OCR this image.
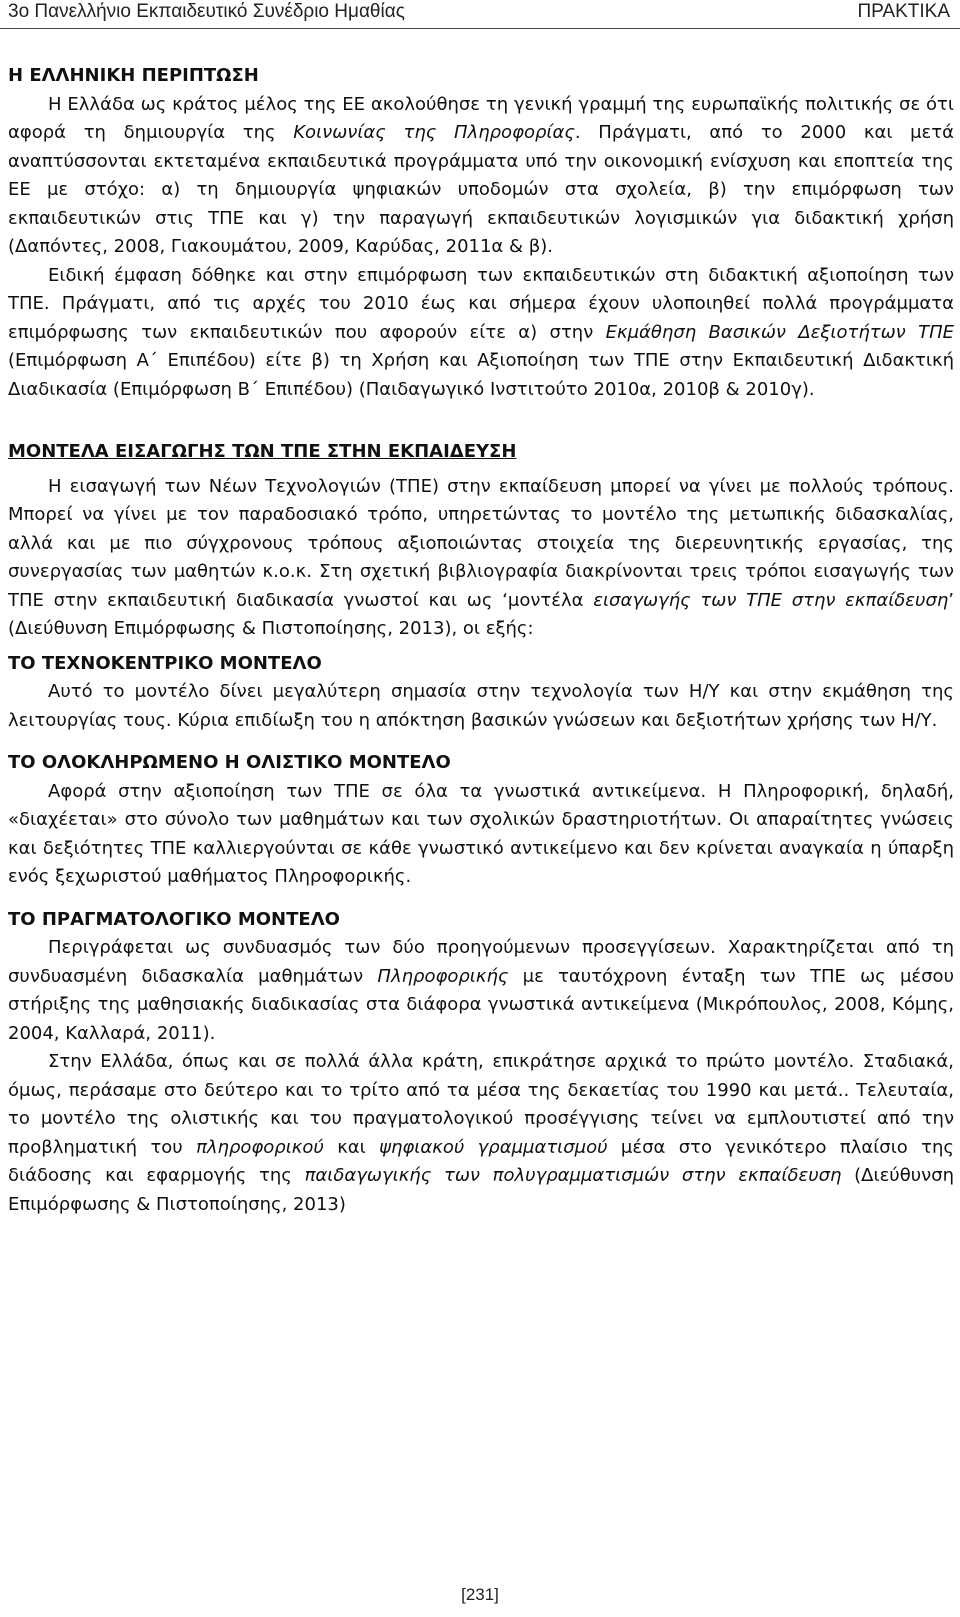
3ο Πανελλήνιο Εκπαιδευτικό Συνέδριο Ημαθίας	ΠΡΑΚΤΙΚΑ

Η ΕΛΛΗΝΙΚΗ ΠΕΡΙΠΤΩΣΗ

Η Ελλάδα ως κράτος μέλος της ΕΕ ακολούθησε τη γενική γραμμή της ευρωπαϊκής πολιτικής σε ότι αφορά τη δημιουργία της Κοινωνίας της Πληροφορίας. Πράγματι, από το 2000 και μετά αναπτύσσονται εκτεταμένα εκπαιδευτικά προγράμματα υπό την οικονομική ενίσχυση και εποπτεία της ΕΕ με στόχο: α) τη δημιουργία ψηφιακών υποδομών στα σχολεία, β) την επιμόρφωση των εκπαιδευτικών στις ΤΠΕ και γ) την παραγωγή εκπαιδευτικών λογισμικών για διδακτική χρήση (Δαπόντες, 2008, Γιακουμάτου, 2009, Καρύδας, 2011α & β).

Ειδική έμφαση δόθηκε και στην επιμόρφωση των εκπαιδευτικών στη διδακτική αξιοποίηση των ΤΠΕ. Πράγματι, από τις αρχές του 2010 έως και σήμερα έχουν υλοποιηθεί πολλά προγράμματα επιμόρφωσης των εκπαιδευτικών που αφορούν είτε α) στην Εκμάθηση Βασικών Δεξιοτήτων ΤΠΕ (Επιμόρφωση Α΄ Επιπέδου) είτε β) τη Χρήση και Αξιοποίηση των ΤΠΕ στην Εκπαιδευτική Διδακτική Διαδικασία (Επιμόρφωση Β΄ Επιπέδου) (Παιδαγωγικό Ινστιτούτο 2010α, 2010β & 2010γ).

ΜΟΝΤΕΛΑ ΕΙΣΑΓΩΓΗΣ ΤΩΝ ΤΠΕ ΣΤΗΝ ΕΚΠΑΙΔΕΥΣΗ

Η εισαγωγή των Νέων Τεχνολογιών (ΤΠΕ) στην εκπαίδευση μπορεί να γίνει με πολλούς τρόπους. Μπορεί να γίνει με τον παραδοσιακό τρόπο, υπηρετώντας το μοντέλο της μετωπικής διδασκαλίας, αλλά και με πιο σύγχρονους τρόπους αξιοποιώντας στοιχεία της διερευνητικής εργασίας, της συνεργασίας των μαθητών κ.ο.κ. Στη σχετική βιβλιογραφία διακρίνονται τρεις τρόποι εισαγωγής των ΤΠΕ στην εκπαιδευτική διαδικασία γνωστοί και ως ‘μοντέλα εισαγωγής των ΤΠΕ στην εκπαίδευση’ (Διεύθυνση Επιμόρφωσης & Πιστοποίησης, 2013), οι εξής:

ΤΟ ΤΕΧΝΟΚΕΝΤΡΙΚΟ ΜΟΝΤΕΛΟ

Αυτό το μοντέλο δίνει μεγαλύτερη σημασία στην τεχνολογία των Η/Υ και στην εκμάθηση της λειτουργίας τους. Κύρια επιδίωξη του η απόκτηση βασικών γνώσεων και δεξιοτήτων χρήσης των Η/Υ.

ΤΟ ΟΛΟΚΛΗΡΩΜΕΝΟ Η ΟΛΙΣΤΙΚΟ ΜΟΝΤΕΛΟ

Αφορά στην αξιοποίηση των ΤΠΕ σε όλα τα γνωστικά αντικείμενα. Η Πληροφορική, δηλαδή, «διαχέεται» στο σύνολο των μαθημάτων και των σχολικών δραστηριοτήτων. Οι απαραίτητες γνώσεις και δεξιότητες ΤΠΕ καλλιεργούνται σε κάθε γνωστικό αντικείμενο και δεν κρίνεται αναγκαία η ύπαρξη ενός ξεχωριστού μαθήματος Πληροφορικής.

ΤΟ ΠΡΑΓΜΑΤΟΛΟΓΙΚΟ ΜΟΝΤΕΛΟ

Περιγράφεται ως συνδυασμός των δύο προηγούμενων προσεγγίσεων. Χαρακτηρίζεται από τη συνδυασμένη διδασκαλία μαθημάτων Πληροφορικής με ταυτόχρονη ένταξη των ΤΠΕ ως μέσου στήριξης της μαθησιακής διαδικασίας στα διάφορα γνωστικά αντικείμενα (Μικρόπουλος, 2008, Κόμης, 2004, Καλλαρά, 2011).

Στην Ελλάδα, όπως και σε πολλά άλλα κράτη, επικράτησε αρχικά το πρώτο μοντέλο. Σταδιακά, όμως, περάσαμε στο δεύτερο και το τρίτο από τα μέσα της δεκαετίας του 1990 και μετά.. Τελευταία, το μοντέλο της ολιστικής και του πραγματολογικού προσέγγισης τείνει να εμπλουτιστεί από την προβληματική του πληροφορικού και ψηφιακού γραμματισμού μέσα στο γενικότερο πλαίσιο της διάδοσης και εφαρμογής της παιδαγωγικής των πολυγραμματισμών στην εκπαίδευση (Διεύθυνση Επιμόρφωσης & Πιστοποίησης, 2013)

[231]
